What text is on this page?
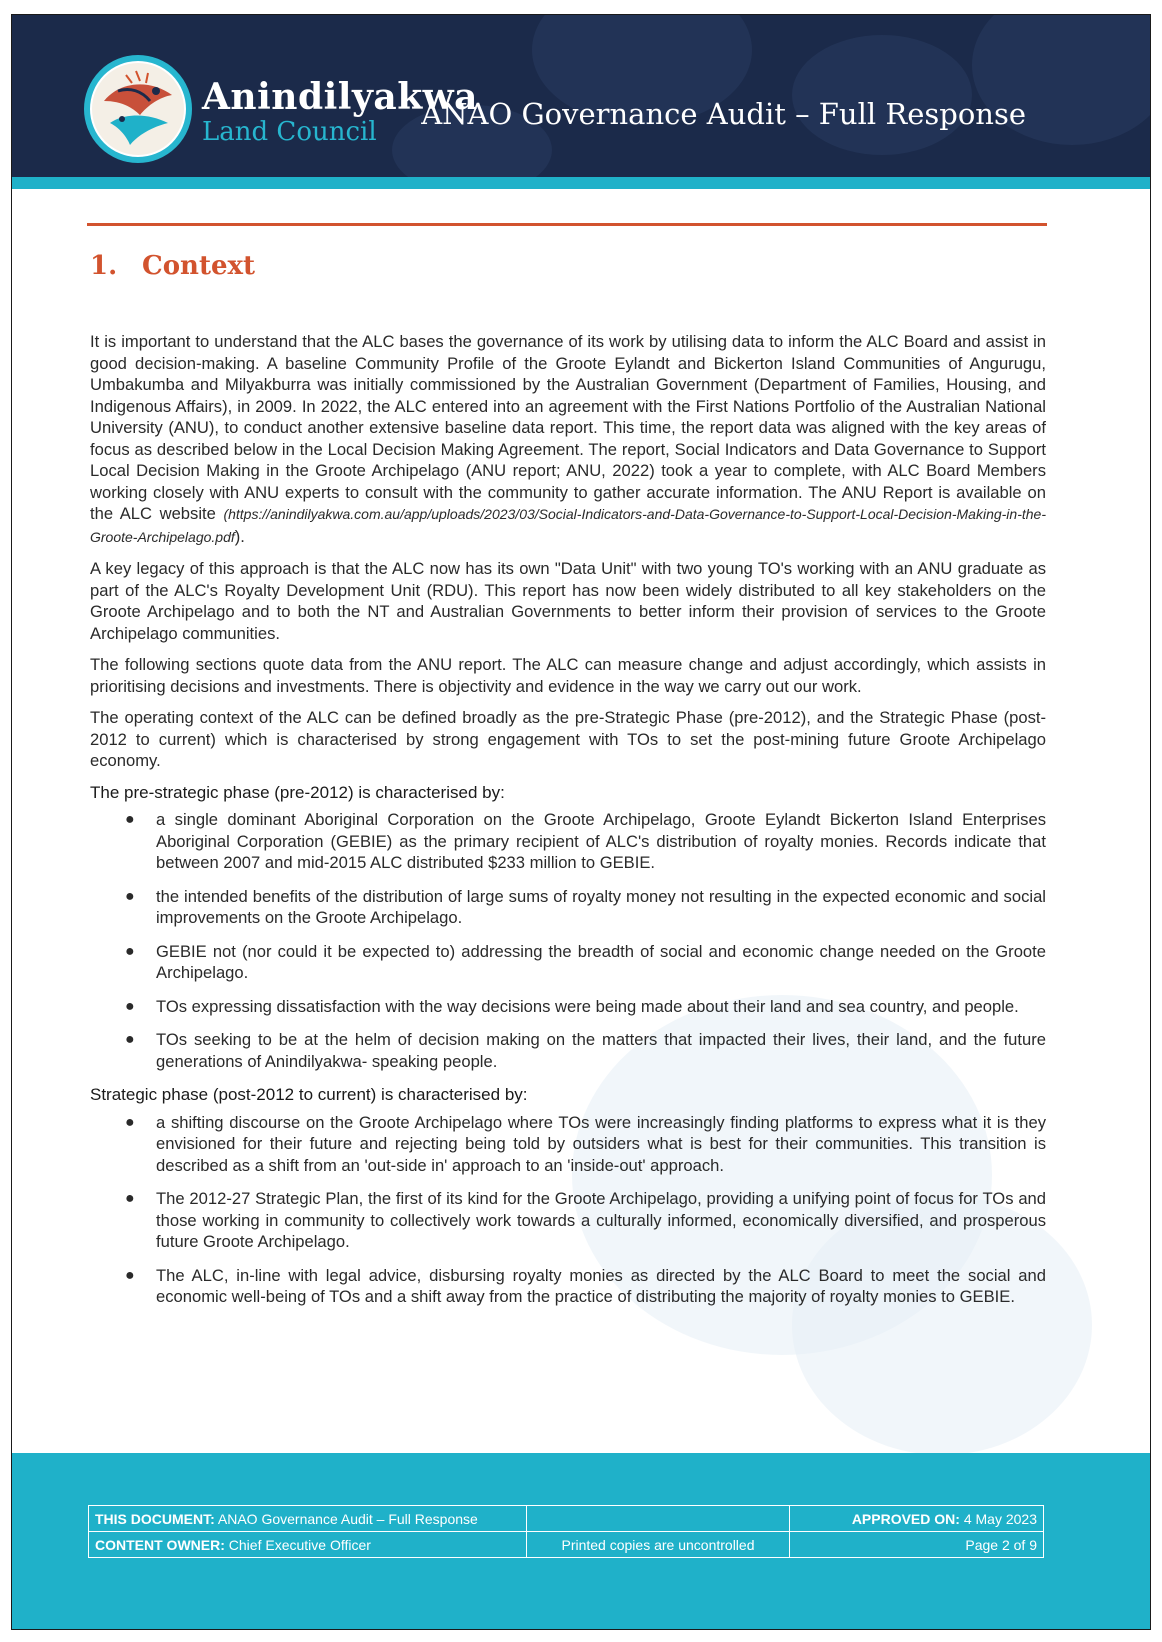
Anindilyakwa
Land Council
ANAO Governance Audit – Full Response
1. Context

It is important to understand that the ALC bases the governance of its work by utilising data to inform the ALC Board and assist in good decision-making. A baseline Community Profile of the Groote Eylandt and Bickerton Island Communities of Angurugu, Umbakumba and Milyakburra was initially commissioned by the Australian Government (Department of Families, Housing, and Indigenous Affairs), in 2009. In 2022, the ALC entered into an agreement with the First Nations Portfolio of the Australian National University (ANU), to conduct another extensive baseline data report. This time, the report data was aligned with the key areas of focus as described below in the Local Decision Making Agreement. The report, Social Indicators and Data Governance to Support Local Decision Making in the Groote Archipelago (ANU report; ANU, 2022) took a year to complete, with ALC Board Members working closely with ANU experts to consult with the community to gather accurate information. The ANU Report is available on the ALC website (https://anindilyakwa.com.au/app/uploads/2023/03/Social-Indicators-and-Data-Governance-to-Support-Local-Decision-Making-in-the-Groote-Archipelago.pdf).

A key legacy of this approach is that the ALC now has its own "Data Unit" with two young TO's working with an ANU graduate as part of the ALC's Royalty Development Unit (RDU). This report has now been widely distributed to all key stakeholders on the Groote Archipelago and to both the NT and Australian Governments to better inform their provision of services to the Groote Archipelago communities.

The following sections quote data from the ANU report. The ALC can measure change and adjust accordingly, which assists in prioritising decisions and investments. There is objectivity and evidence in the way we carry out our work.

The operating context of the ALC can be defined broadly as the pre-Strategic Phase (pre-2012), and the Strategic Phase (post-2012 to current) which is characterised by strong engagement with TOs to set the post-mining future Groote Archipelago economy.

The pre-strategic phase (pre-2012) is characterised by:
● a single dominant Aboriginal Corporation on the Groote Archipelago, Groote Eylandt Bickerton Island Enterprises Aboriginal Corporation (GEBIE) as the primary recipient of ALC's distribution of royalty monies. Records indicate that between 2007 and mid-2015 ALC distributed $233 million to GEBIE.
● the intended benefits of the distribution of large sums of royalty money not resulting in the expected economic and social improvements on the Groote Archipelago.
● GEBIE not (nor could it be expected to) addressing the breadth of social and economic change needed on the Groote Archipelago.
● TOs expressing dissatisfaction with the way decisions were being made about their land and sea country, and people.
● TOs seeking to be at the helm of decision making on the matters that impacted their lives, their land, and the future generations of Anindilyakwa- speaking people.
Strategic phase (post-2012 to current) is characterised by:
● a shifting discourse on the Groote Archipelago where TOs were increasingly finding platforms to express what it is they envisioned for their future and rejecting being told by outsiders what is best for their communities. This transition is described as a shift from an 'out-side in' approach to an 'inside-out' approach.
● The 2012-27 Strategic Plan, the first of its kind for the Groote Archipelago, providing a unifying point of focus for TOs and those working in community to collectively work towards a culturally informed, economically diversified, and prosperous future Groote Archipelago.
● The ALC, in-line with legal advice, disbursing royalty monies as directed by the ALC Board to meet the social and economic well-being of TOs and a shift away from the practice of distributing the majority of royalty monies to GEBIE.
THIS DOCUMENT: ANAO Governance Audit – Full Response		APPROVED ON: 4 May 2023
CONTENT OWNER: Chief Executive Officer	Printed copies are uncontrolled	Page 2 of 9
